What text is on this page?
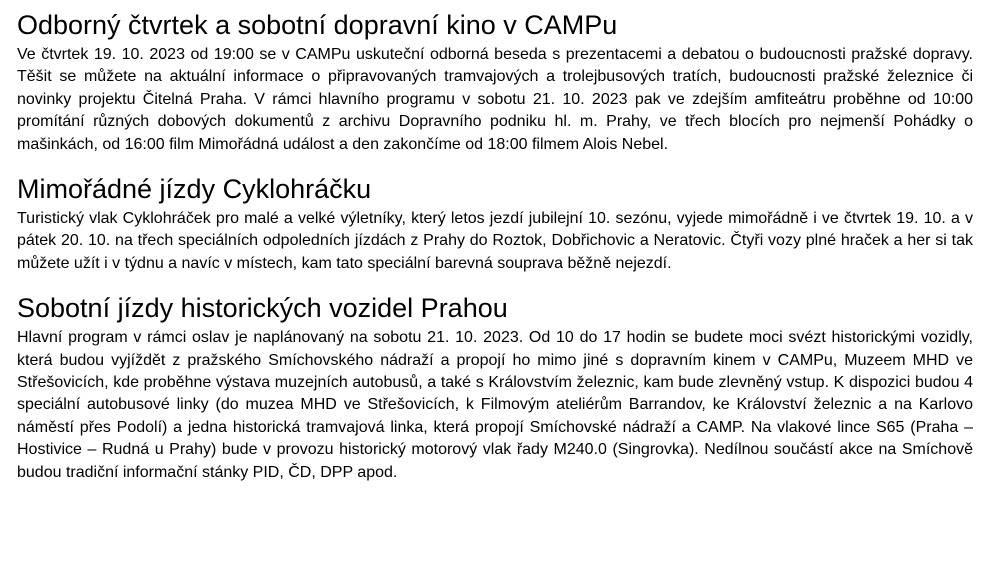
Odborný čtvrtek a sobotní dopravní kino v CAMPu

Ve čtvrtek 19. 10. 2023 od 19:00 se v CAMPu uskuteční odborná beseda s prezentacemi a debatou o budoucnosti pražské dopravy. Těšit se můžete na aktuální informace o připravovaných tramvajových a trolejbusových tratích, budoucnosti pražské železnice či novinky projektu Čitelná Praha. V rámci hlavního programu v sobotu 21. 10. 2023 pak ve zdejším amfiteátru proběhne od 10:00 promítání různých dobových dokumentů z archivu Dopravního podniku hl. m. Prahy, ve třech blocích pro nejmenší Pohádky o mašinkách, od 16:00 film Mimořádná událost a den zakončíme od 18:00 filmem Alois Nebel.

Mimořádné jízdy Cyklohráčku

Turistický vlak Cyklohráček pro malé a velké výletníky, který letos jezdí jubilejní 10. sezónu, vyjede mimořádně i ve čtvrtek 19. 10. a v pátek 20. 10. na třech speciálních odpoledních jízdách z Prahy do Roztok, Dobřichovic a Neratovic. Čtyři vozy plné hraček a her si tak můžete užít i v týdnu a navíc v místech, kam tato speciální barevná souprava běžně nejezdí.

Sobotní jízdy historických vozidel Prahou

Hlavní program v rámci oslav je naplánovaný na sobotu 21. 10. 2023. Od 10 do 17 hodin se budete moci svézt historickými vozidly, která budou vyjíždět z pražského Smíchovského nádraží a propojí ho mimo jiné s dopravním kinem v CAMPu, Muzeem MHD ve Střešovicích, kde proběhne výstava muzejních autobusů, a také s Královstvím železnic, kam bude zlevněný vstup. K dispozici budou 4 speciální autobusové linky (do muzea MHD ve Střešovicích, k Filmovým ateliérům Barrandov, ke Království železnic a na Karlovo náměstí přes Podolí) a jedna historická tramvajová linka, která propojí Smíchovské nádraží a CAMP. Na vlakové lince S65 (Praha – Hostivice – Rudná u Prahy) bude v provozu historický motorový vlak řady M240.0 (Singrovka). Nedílnou součástí akce na Smíchově budou tradiční informační stánky PID, ČD, DPP apod.
